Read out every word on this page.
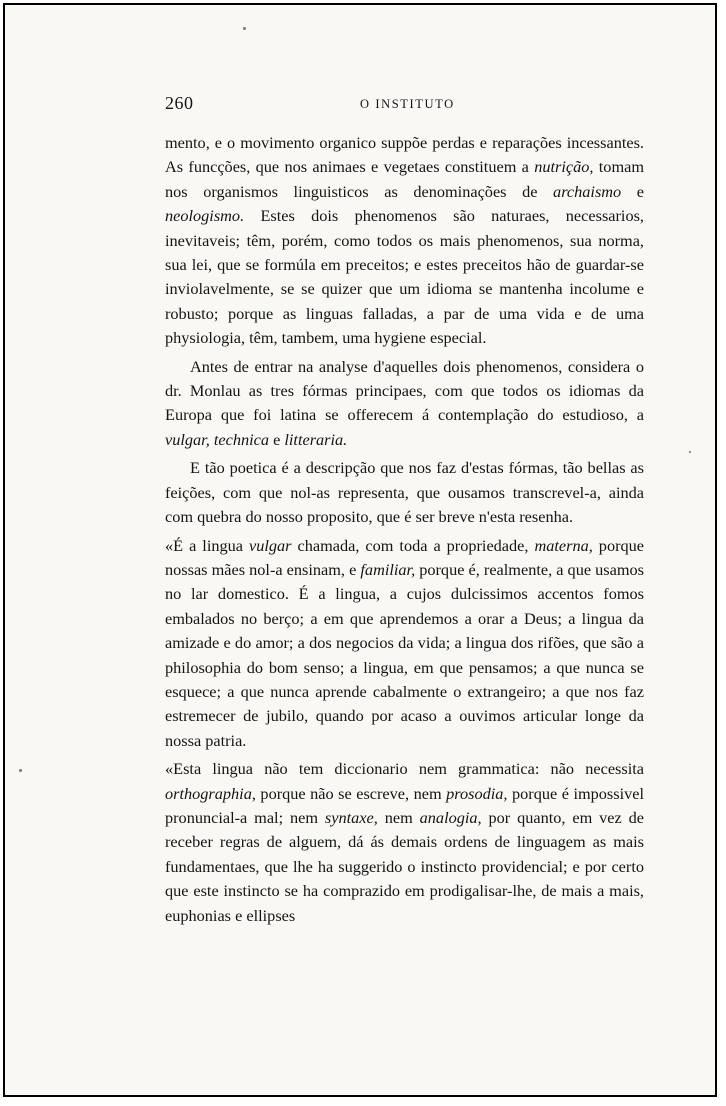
260	O INSTITUTO

mento, e o movimento organico suppõe perdas e reparações incessantes. As funcções, que nos animaes e vegetaes constituem a nutrição, tomam nos organismos linguisticos as denominações de archaismo e neologismo. Estes dois phenomenos são naturaes, necessarios, inevitaveis; têm, porém, como todos os mais phenomenos, sua norma, sua lei, que se formúla em preceitos; e estes preceitos hão de guardar-se inviolavelmente, se se quizer que um idioma se mantenha incolume e robusto; porque as linguas falladas, a par de uma vida e de uma physiologia, têm, tambem, uma hygiene especial.

Antes de entrar na analyse d'aquelles dois phenomenos, considera o dr. Monlau as tres fórmas principaes, com que todos os idiomas da Europa que foi latina se offerecem á contemplação do estudioso, a vulgar, technica e litteraria.

E tão poetica é a descripção que nos faz d'estas fórmas, tão bellas as feições, com que nol-as representa, que ousamos transcrevel-a, ainda com quebra do nosso proposito, que é ser breve n'esta resenha.

«É a lingua vulgar chamada, com toda a propriedade, materna, porque nossas mães nol-a ensinam, e familiar, porque é, realmente, a que usamos no lar domestico. É a lingua, a cujos dulcissimos accentos fomos embalados no berço; a em que aprendemos a orar a Deus; a lingua da amizade e do amor; a dos negocios da vida; a lingua dos rifões, que são a philosophia do bom senso; a lingua, em que pensamos; a que nunca se esquece; a que nunca aprende cabalmente o extrangeiro; a que nos faz estremecer de jubilo, quando por acaso a ouvimos articular longe da nossa patria.

«Esta lingua não tem diccionario nem grammatica: não necessita orthographia, porque não se escreve, nem prosodia, porque é impossivel pronuncial-a mal; nem syntaxe, nem analogia, por quanto, em vez de receber regras de alguem, dá ás demais ordens de linguagem as mais fundamentaes, que lhe ha suggerido o instincto providencial; e por certo que este instincto se ha comprazido em prodigalisar-lhe, de mais a mais, euphonias e ellipses
